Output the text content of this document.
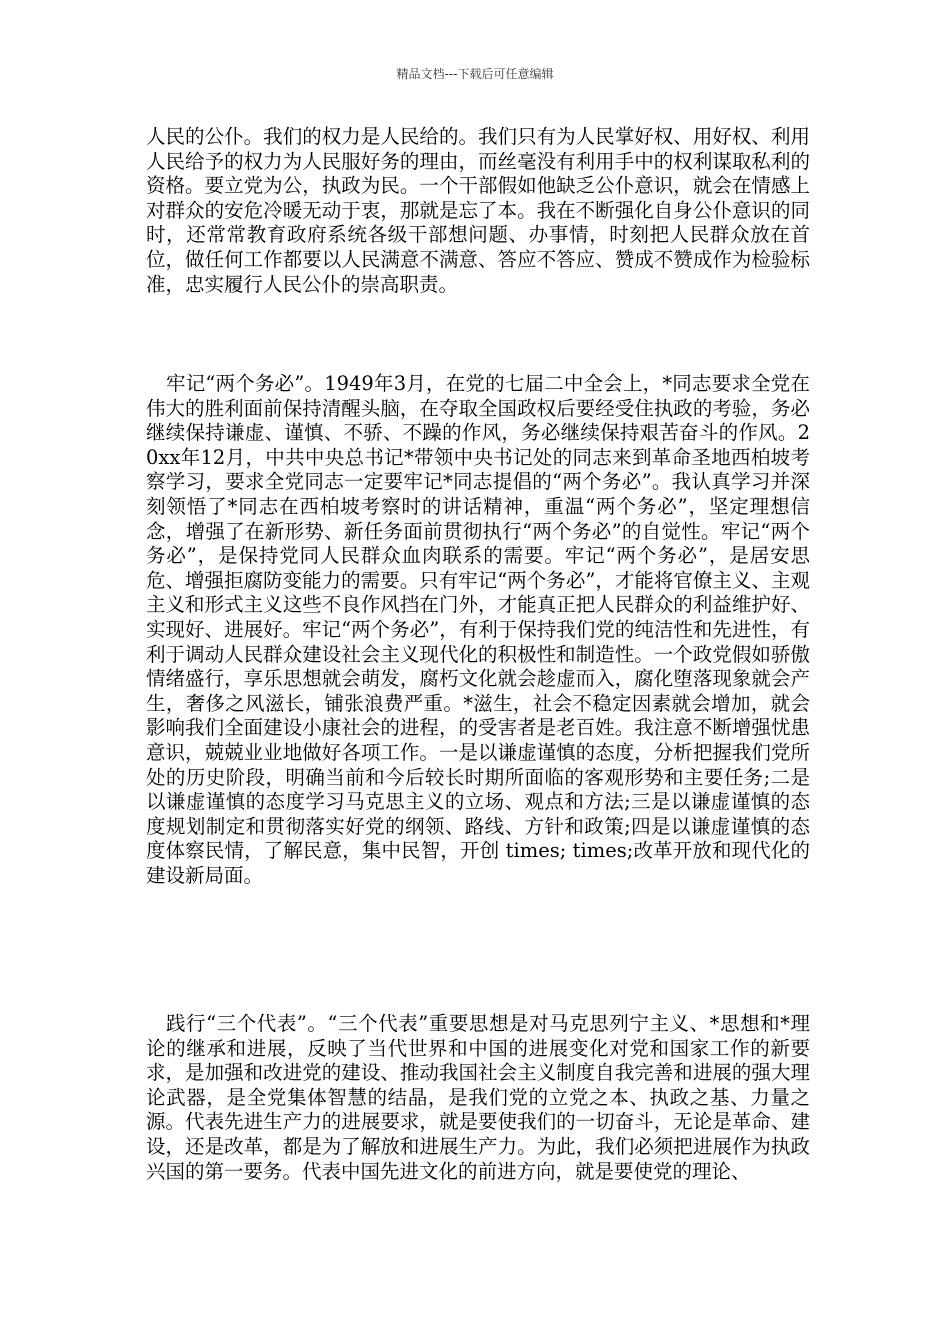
精品文档---下载后可任意编辑

人民的公仆。我们的权力是人民给的。我们只有为人民掌好权、用好权、利用人民给予的权力为人民服好务的理由，而丝毫没有利用手中的权利谋取私利的资格。要立党为公，执政为民。一个干部假如他缺乏公仆意识，就会在情感上对群众的安危冷暖无动于衷，那就是忘了本。我在不断强化自身公仆意识的同时，还常常教育政府系统各级干部想问题、办事情，时刻把人民群众放在首位，做任何工作都要以人民满意不满意、答应不答应、赞成不赞成作为检验标准，忠实履行人民公仆的崇高职责。

牢记“两个务必”。1949年3月，在党的七届二中全会上，*同志要求全党在伟大的胜利面前保持清醒头脑，在夺取全国政权后要经受住执政的考验，务必继续保持谦虚、谨慎、不骄、不躁的作风，务必继续保持艰苦奋斗的作风。20xx年12月，中共中央总书记*带领中央书记处的同志来到革命圣地西柏坡考察学习，要求全党同志一定要牢记*同志提倡的“两个务必”。我认真学习并深刻领悟了*同志在西柏坡考察时的讲话精神，重温“两个务必”，坚定理想信念，增强了在新形势、新任务面前贯彻执行“两个务必”的自觉性。牢记“两个务必”，是保持党同人民群众血肉联系的需要。牢记“两个务必”，是居安思危、增强拒腐防变能力的需要。只有牢记“两个务必”，才能将官僚主义、主观主义和形式主义这些不良作风挡在门外，才能真正把人民群众的利益维护好、实现好、进展好。牢记“两个务必”，有利于保持我们党的纯洁性和先进性，有利于调动人民群众建设社会主义现代化的积极性和制造性。一个政党假如骄傲情绪盛行，享乐思想就会萌发，腐朽文化就会趁虚而入，腐化堕落现象就会产生，奢侈之风滋长，铺张浪费严重。*滋生，社会不稳定因素就会增加，就会影响我们全面建设小康社会的进程，的受害者是老百姓。我注意不断增强忧患意识，兢兢业业地做好各项工作。一是以谦虚谨慎的态度，分析把握我们党所处的历史阶段，明确当前和今后较长时期所面临的客观形势和主要任务;二是以谦虚谨慎的态度学习马克思主义的立场、观点和方法;三是以谦虚谨慎的态度规划制定和贯彻落实好党的纲领、路线、方针和政策;四是以谦虚谨慎的态度体察民情，了解民意，集中民智，开创 times; times;改革开放和现代化的建设新局面。

践行“三个代表”。“三个代表”重要思想是对马克思列宁主义、*思想和*理论的继承和进展，反映了当代世界和中国的进展变化对党和国家工作的新要求，是加强和改进党的建设、推动我国社会主义制度自我完善和进展的强大理论武器，是全党集体智慧的结晶，是我们党的立党之本、执政之基、力量之源。代表先进生产力的进展要求，就是要使我们的一切奋斗，无论是革命、建设，还是改革，都是为了解放和进展生产力。为此，我们必须把进展作为执政兴国的第一要务。代表中国先进文化的前进方向，就是要使党的理论、
